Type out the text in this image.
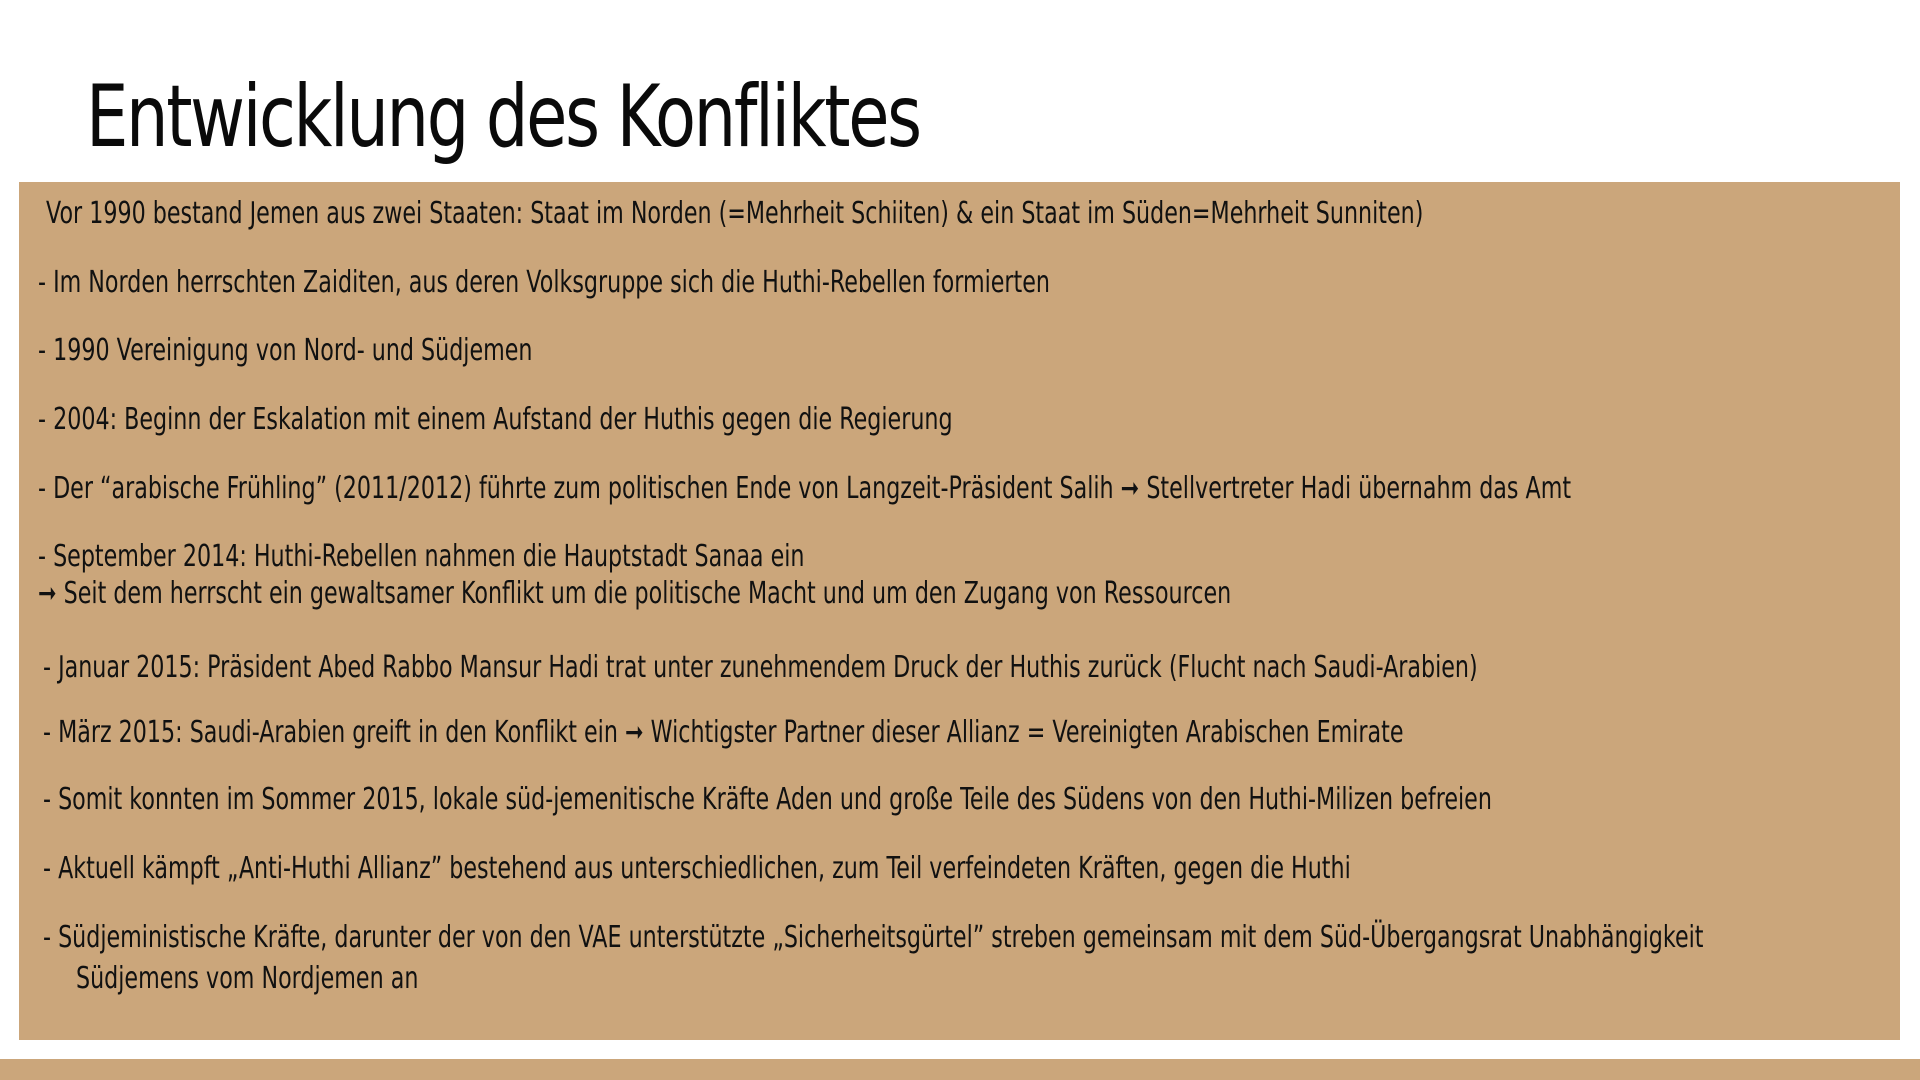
Entwicklung des Konfliktes

Vor 1990 bestand Jemen aus zwei Staaten: Staat im Norden (=Mehrheit Schiiten) & ein Staat im Süden=Mehrheit Sunniten)

- Im Norden herrschten Zaiditen, aus deren Volksgruppe sich die Huthi-Rebellen formierten

- 1990 Vereinigung von Nord- und Südjemen

- 2004: Beginn der Eskalation mit einem Aufstand der Huthis gegen die Regierung

- Der “arabische Frühling” (2011/2012) führte zum politischen Ende von Langzeit-Präsident Salih ➞ Stellvertreter Hadi übernahm das Amt

- September 2014: Huthi-Rebellen nahmen die Hauptstadt Sanaa ein

➞ Seit dem herrscht ein gewaltsamer Konflikt um die politische Macht und um den Zugang von Ressourcen

- Januar 2015: Präsident Abed Rabbo Mansur Hadi trat unter zunehmendem Druck der Huthis zurück (Flucht nach Saudi-Arabien)

- März 2015: Saudi-Arabien greift in den Konflikt ein ➞ Wichtigster Partner dieser Allianz = Vereinigten Arabischen Emirate

- Somit konnten im Sommer 2015, lokale süd-jemenitische Kräfte Aden und große Teile des Südens von den Huthi-Milizen befreien

- Aktuell kämpft „Anti-Huthi Allianz” bestehend aus unterschiedlichen, zum Teil verfeindeten Kräften, gegen die Huthi

- Südjeministische Kräfte, darunter der von den VAE unterstützte „Sicherheitsgürtel” streben gemeinsam mit dem Süd-Übergangsrat Unabhängigkeit

Südjemens vom Nordjemen an
